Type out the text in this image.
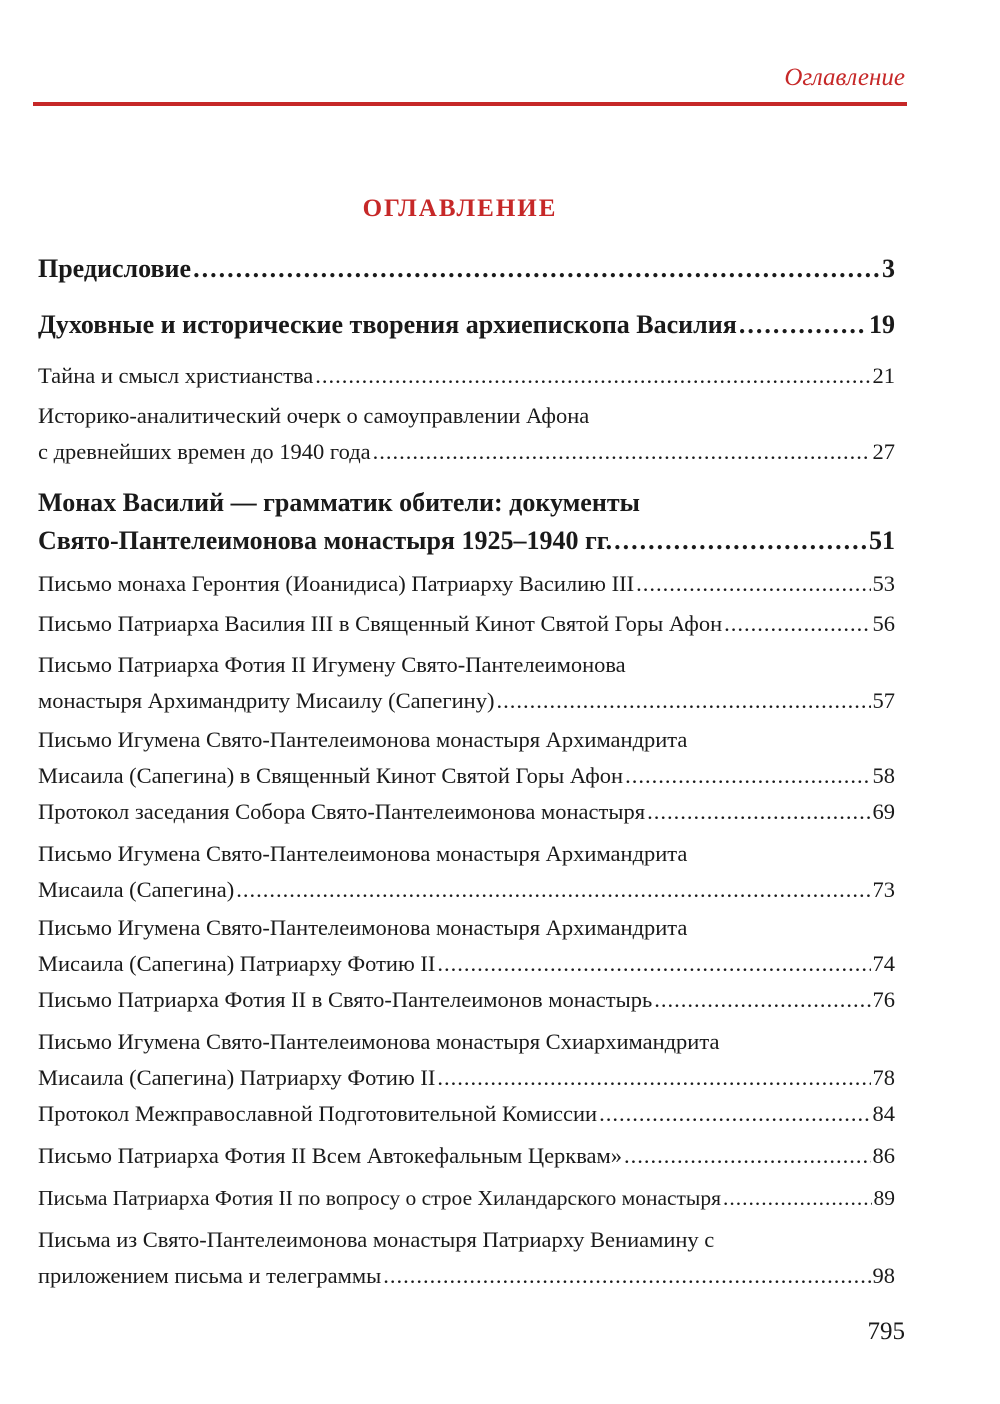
Оглавление
ОГЛАВЛЕНИЕ
Предисловие .....	3
Духовные и исторические творения архиепископа Василия .....	19
Тайна и смысл христианства .....	21
Историко-аналитический очерк о самоуправлении Афона
с древнейших времен до 1940 года .....	27
Монах Василий — грамматик обители: документы
Свято-Пантелеимонова монастыря 1925–1940 гг. .....	51
Письмо монаха Геронтия (Иоанидиса) Патриарху Василию III .....	53
Письмо Патриарха Василия III в Священный Кинот Святой Горы Афон .....	56
Письмо Патриарха Фотия II Игумену Свято-Пантелеимонова
монастыря Архимандриту Мисаилу (Сапегину) .....	57
Письмо Игумена Свято-Пантелеимонова монастыря Архимандрита
Мисаила (Сапегина) в Священный Кинот Святой Горы Афон .....	58
Протокол заседания Собора Свято-Пантелеимонова монастыря .....	69
Письмо Игумена Свято-Пантелеимонова монастыря Архимандрита
Мисаила (Сапегина) .....	73
Письмо Игумена Свято-Пантелеимонова монастыря Архимандрита
Мисаила (Сапегина) Патриарху Фотию II .....	74
Письмо Патриарха Фотия II в Свято-Пантелеимонов монастырь .....	76
Письмо Игумена Свято-Пантелеимонова монастыря Схиархимандрита
Мисаила (Сапегина) Патриарху Фотию II .....	78
Протокол Межправославной Подготовительной Комиссии .....	84
Письмо Патриарха Фотия II Всем Автокефальным Церквам» .....	86
Письма Патриарха Фотия II по вопросу о строе Хиландарского монастыря .....	89
Письма из Свято-Пантелеимонова монастыря Патриарху Вениамину с
приложением письма и телеграммы .....	98
795
